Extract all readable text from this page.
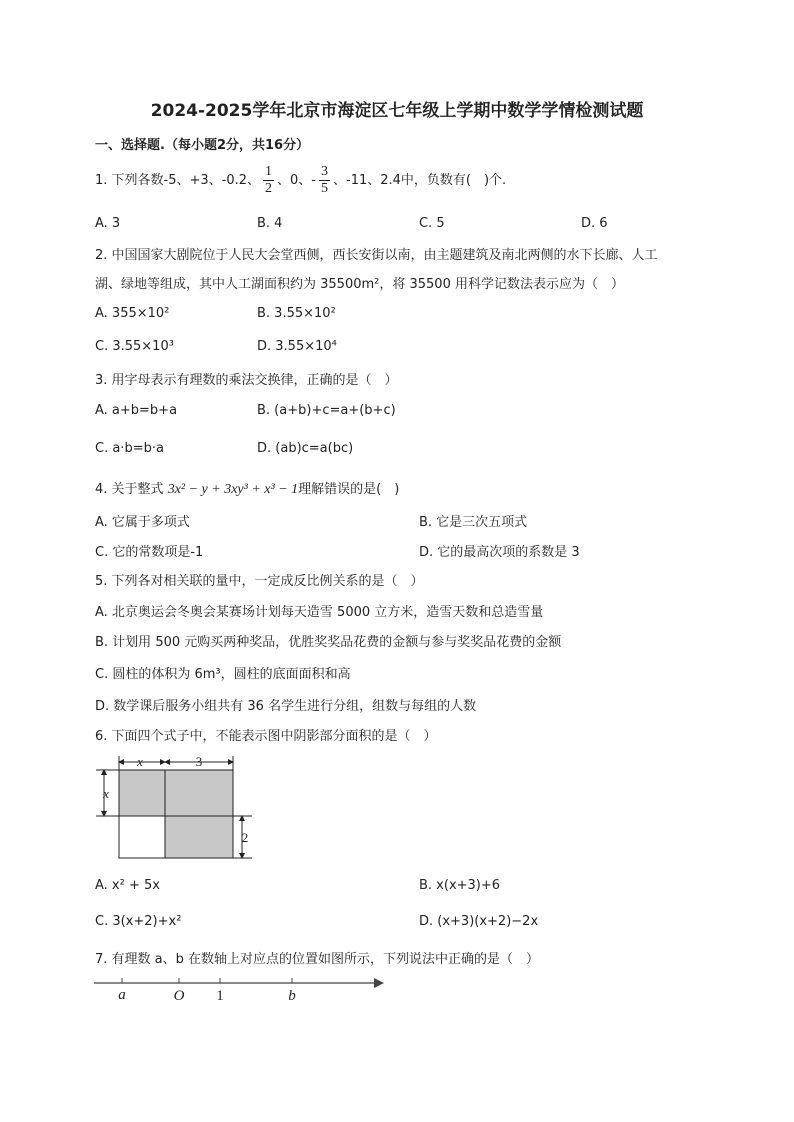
2024-2025学年北京市海淀区七年级上学期中数学学情检测试题
一、选择题.（每小题2分，共16分）
1. 下列各数-5、+3、-0.2、 $\frac{1}{2}$ 、0、- $\frac{3}{5}$ 、-11、2.4中，负数有(　)个.
A. 3	B. 4	C. 5	D. 6
2. 中国国家大剧院位于人民大会堂西侧，西长安街以南，由主题建筑及南北两侧的水下长廊、人工
湖、绿地等组成，其中人工湖面积约为 35500m²，将 35500 用科学记数法表示应为（　）
A. 355×10²	B. 3.55×10²
C. 3.55×10³	D. 3.55×10⁴
3. 用字母表示有理数的乘法交换律，正确的是（　）
A. a+b=b+a	B. (a+b)+c=a+(b+c)
C. a·b=b·a	D. (ab)c=a(bc)
4. 关于整式 3x² − y + 3xy³ + x³ − 1理解错误的是(　)
A. 它属于多项式	B. 它是三次五项式
C. 它的常数项是-1	D. 它的最高次项的系数是 3
5. 下列各对相关联的量中，一定成反比例关系的是（　）
A. 北京奥运会冬奥会某赛场计划每天造雪 5000 立方米，造雪天数和总造雪量
B. 计划用 500 元购买两种奖品，优胜奖奖品花费的金额与参与奖奖品花费的金额
C. 圆柱的体积为 6m³，圆柱的底面面积和高
D. 数学课后服务小组共有 36 名学生进行分组，组数与每组的人数
6. 下面四个式子中，不能表示图中阴影部分面积的是（　）
x	3
x
2
A. x² + 5x	B. x(x+3)+6
C. 3(x+2)+x²	D. (x+3)(x+2)−2x
7. 有理数 a、b 在数轴上对应点的位置如图所示，下列说法中正确的是（　）
a	O 1	b
